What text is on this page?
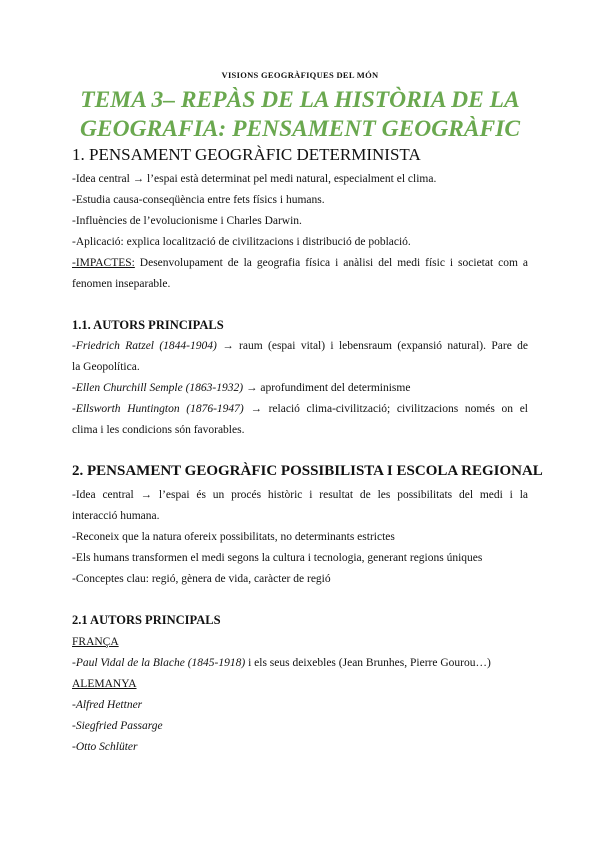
VISIONS GEOGRÀFIQUES DEL MÓN
TEMA 3– REPÀS DE LA HISTÒRIA DE LA
GEOGRAFIA: PENSAMENT GEOGRÀFIC
1. PENSAMENT GEOGRÀFIC DETERMINISTA
-Idea central → l’espai està determinat pel medi natural, especialment el clima.
-Estudia causa-conseqüència entre fets físics i humans.
-Influències de l’evolucionisme i Charles Darwin.
-Aplicació: explica localització de civilitzacions i distribució de població.
-IMPACTES: Desenvolupament de la geografia física i anàlisi del medi físic i societat com a
fenomen inseparable.
1.1. AUTORS PRINCIPALS
-Friedrich Ratzel (1844-1904) → raum (espai vital) i lebensraum (expansió natural). Pare de
la Geopolítica.
-Ellen Churchill Semple (1863-1932) → aprofundiment del determinisme
-Ellsworth Huntington (1876-1947) → relació clima-civilització; civilitzacions només on el
clima i les condicions són favorables.
2. PENSAMENT GEOGRÀFIC POSSIBILISTA I ESCOLA REGIONAL
-Idea central → l’espai és un procés històric i resultat de les possibilitats del medi i la
interacció humana.
-Reconeix que la natura ofereix possibilitats, no determinants estrictes
-Els humans transformen el medi segons la cultura i tecnologia, generant regions úniques
-Conceptes clau: regió, gènera de vida, caràcter de regió
2.1 AUTORS PRINCIPALS
FRANÇA
-Paul Vidal de la Blache (1845-1918) i els seus deixebles (Jean Brunhes, Pierre Gourou…)
ALEMANYA
-Alfred Hettner
-Siegfried Passarge
-Otto Schlüter
